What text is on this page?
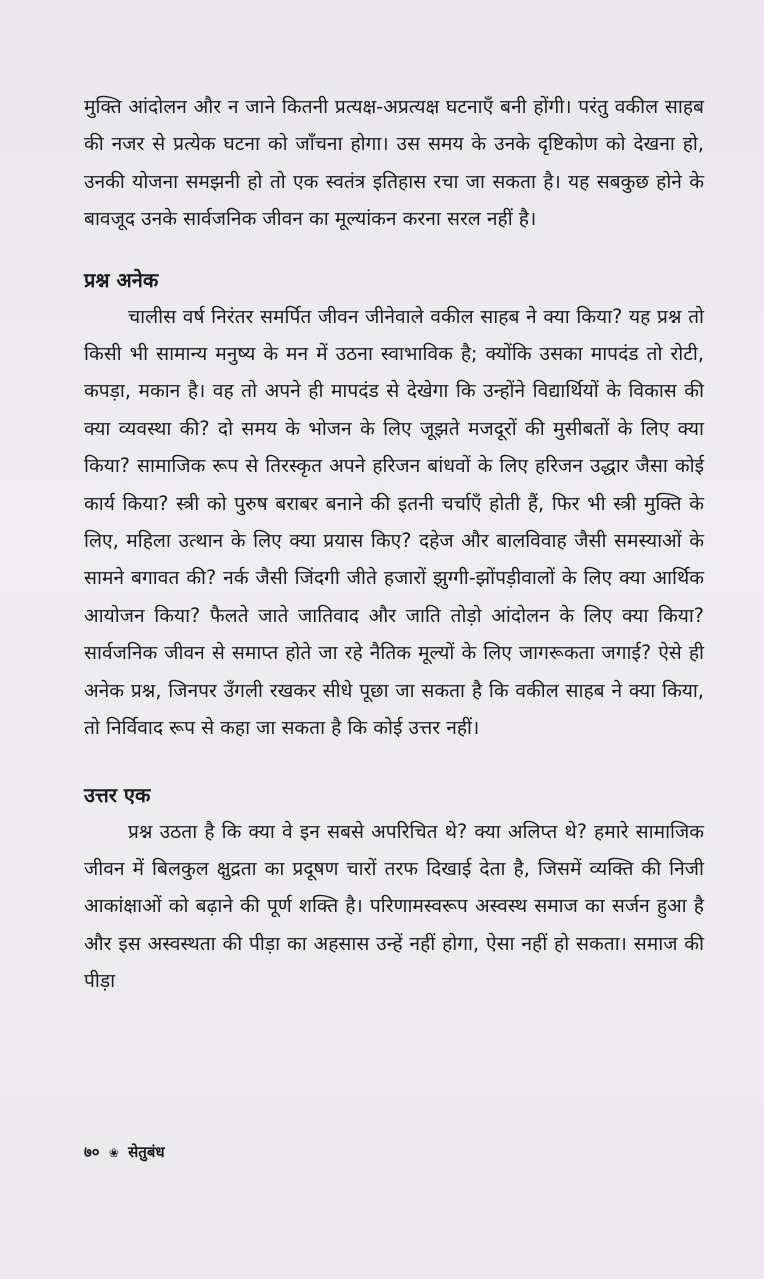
मुक्ति आंदोलन और न जाने कितनी प्रत्यक्ष-अप्रत्यक्ष घटनाएँ बनी होंगी। परंतु वकील साहब की नजर से प्रत्येक घटना को जाँचना होगा। उस समय के उनके दृष्टिकोण को देखना हो, उनकी योजना समझनी हो तो एक स्वतंत्र इतिहास रचा जा सकता है। यह सबकुछ होने के बावजूद उनके सार्वजनिक जीवन का मूल्यांकन करना सरल नहीं है।

प्रश्न अनेक

चालीस वर्ष निरंतर समर्पित जीवन जीनेवाले वकील साहब ने क्या किया? यह प्रश्न तो किसी भी सामान्य मनुष्य के मन में उठना स्वाभाविक है; क्योंकि उसका मापदंड तो रोटी, कपड़ा, मकान है। वह तो अपने ही मापदंड से देखेगा कि उन्होंने विद्यार्थियों के विकास की क्या व्यवस्था की? दो समय के भोजन के लिए जूझते मजदूरों की मुसीबतों के लिए क्या किया? सामाजिक रूप से तिरस्कृत अपने हरिजन बांधवों के लिए हरिजन उद्धार जैसा कोई कार्य किया? स्त्री को पुरुष बराबर बनाने की इतनी चर्चाएँ होती हैं, फिर भी स्त्री मुक्ति के लिए, महिला उत्थान के लिए क्या प्रयास किए? दहेज और बालविवाह जैसी समस्याओं के सामने बगावत की? नर्क जैसी जिंदगी जीते हजारों झुग्गी-झोंपड़ीवालों के लिए क्या आर्थिक आयोजन किया? फैलते जाते जातिवाद और जाति तोड़ो आंदोलन के लिए क्या किया? सार्वजनिक जीवन से समाप्त होते जा रहे नैतिक मूल्यों के लिए जागरूकता जगाई? ऐसे ही अनेक प्रश्न, जिनपर उँगली रखकर सीधे पूछा जा सकता है कि वकील साहब ने क्या किया, तो निर्विवाद रूप से कहा जा सकता है कि कोई उत्तर नहीं।

उत्तर एक

प्रश्न उठता है कि क्या वे इन सबसे अपरिचित थे? क्या अलिप्त थे? हमारे सामाजिक जीवन में बिलकुल क्षुद्रता का प्रदूषण चारों तरफ दिखाई देता है, जिसमें व्यक्ति की निजी आकांक्षाओं को बढ़ाने की पूर्ण शक्ति है। परिणामस्वरूप अस्वस्थ समाज का सर्जन हुआ है और इस अस्वस्थता की पीड़ा का अहसास उन्हें नहीं होगा, ऐसा नहीं हो सकता। समाज की पीड़ा

७० ❀ सेतुबंध
